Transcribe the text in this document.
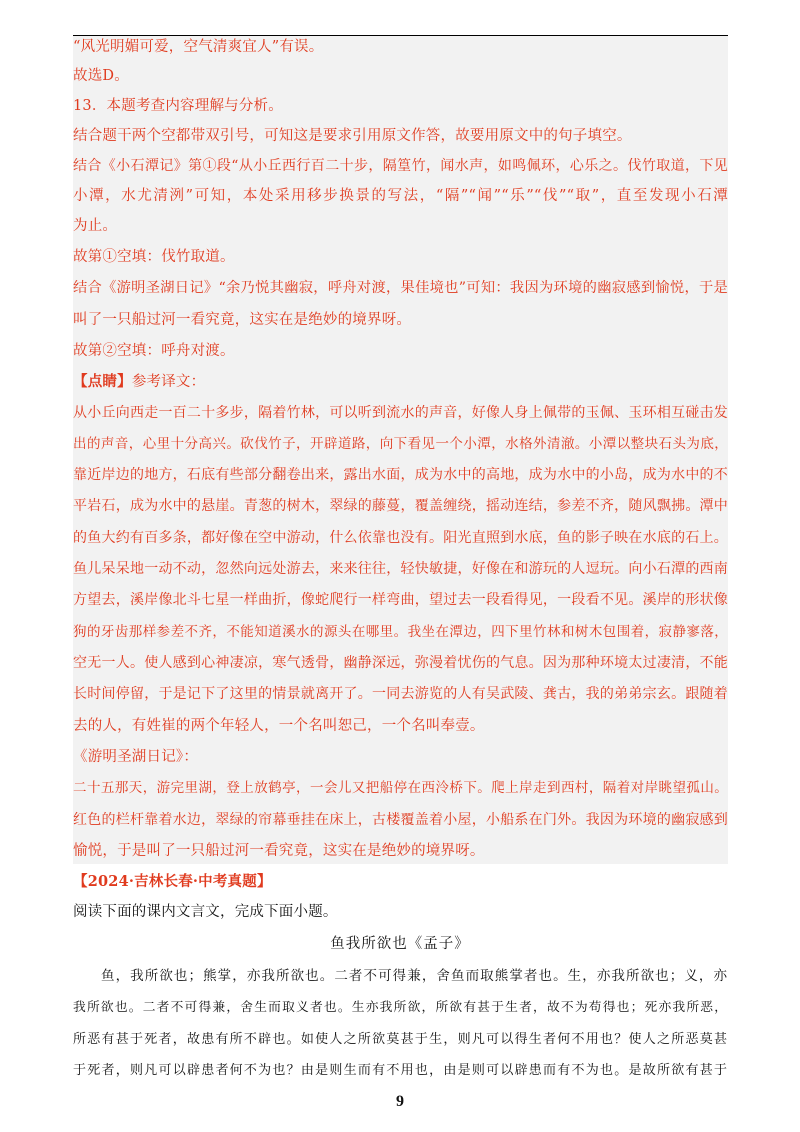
“风光明媚可爱，空气清爽宜人”有误。
故选D。
13．本题考查内容理解与分析。
结合题干两个空都带双引号，可知这是要求引用原文作答，故要用原文中的句子填空。
结合《小石潭记》第①段“从小丘西行百二十步，隔篁竹，闻水声，如鸣佩环，心乐之。伐竹取道，下见
小潭，水尤清洌”可知，本处采用移步换景的写法，“隔”“闻”“乐”“伐”“取”，直至发现小石潭
为止。
故第①空填：伐竹取道。
结合《游明圣湖日记》“余乃悦其幽寂，呼舟对渡，果佳境也”可知：我因为环境的幽寂感到愉悦，于是
叫了一只船过河一看究竟，这实在是绝妙的境界呀。
故第②空填：呼舟对渡。
【点睛】参考译文：
从小丘向西走一百二十多步，隔着竹林，可以听到流水的声音，好像人身上佩带的玉佩、玉环相互碰击发
出的声音，心里十分高兴。砍伐竹子，开辟道路，向下看见一个小潭，水格外清澈。小潭以整块石头为底，
靠近岸边的地方，石底有些部分翻卷出来，露出水面，成为水中的高地，成为水中的小岛，成为水中的不
平岩石，成为水中的悬崖。青葱的树木，翠绿的藤蔓，覆盖缠绕，摇动连结，参差不齐，随风飘拂。潭中
的鱼大约有百多条，都好像在空中游动，什么依靠也没有。阳光直照到水底，鱼的影子映在水底的石上。
鱼儿呆呆地一动不动，忽然向远处游去，来来往往，轻快敏捷，好像在和游玩的人逗玩。向小石潭的西南
方望去，溪岸像北斗七星一样曲折，像蛇爬行一样弯曲，望过去一段看得见，一段看不见。溪岸的形状像
狗的牙齿那样参差不齐，不能知道溪水的源头在哪里。我坐在潭边，四下里竹林和树木包围着，寂静寥落，
空无一人。使人感到心神凄凉，寒气透骨，幽静深远，弥漫着忧伤的气息。因为那种环境太过凄清，不能
长时间停留，于是记下了这里的情景就离开了。一同去游览的人有吴武陵、龚古，我的弟弟宗玄。跟随着
去的人，有姓崔的两个年轻人，一个名叫恕己，一个名叫奉壹。
《游明圣湖日记》：
二十五那天，游完里湖，登上放鹤亭，一会儿又把船停在西泠桥下。爬上岸走到西村，隔着对岸眺望孤山。
红色的栏杆靠着水边，翠绿的帘幕垂挂在床上，古楼覆盖着小屋，小船系在门外。我因为环境的幽寂感到
愉悦，于是叫了一只船过河一看究竟，这实在是绝妙的境界呀。
【2024·吉林长春·中考真题】
阅读下面的课内文言文，完成下面小题。
鱼我所欲也《孟子》
鱼，我所欲也；熊掌，亦我所欲也。二者不可得兼，舍鱼而取熊掌者也。生，亦我所欲也；义，亦
我所欲也。二者不可得兼，舍生而取义者也。生亦我所欲，所欲有甚于生者，故不为苟得也；死亦我所恶，
所恶有甚于死者，故患有所不辟也。如使人之所欲莫甚于生，则凡可以得生者何不用也？使人之所恶莫甚
于死者，则凡可以辟患者何不为也？由是则生而有不用也，由是则可以辟患而有不为也。是故所欲有甚于
9
